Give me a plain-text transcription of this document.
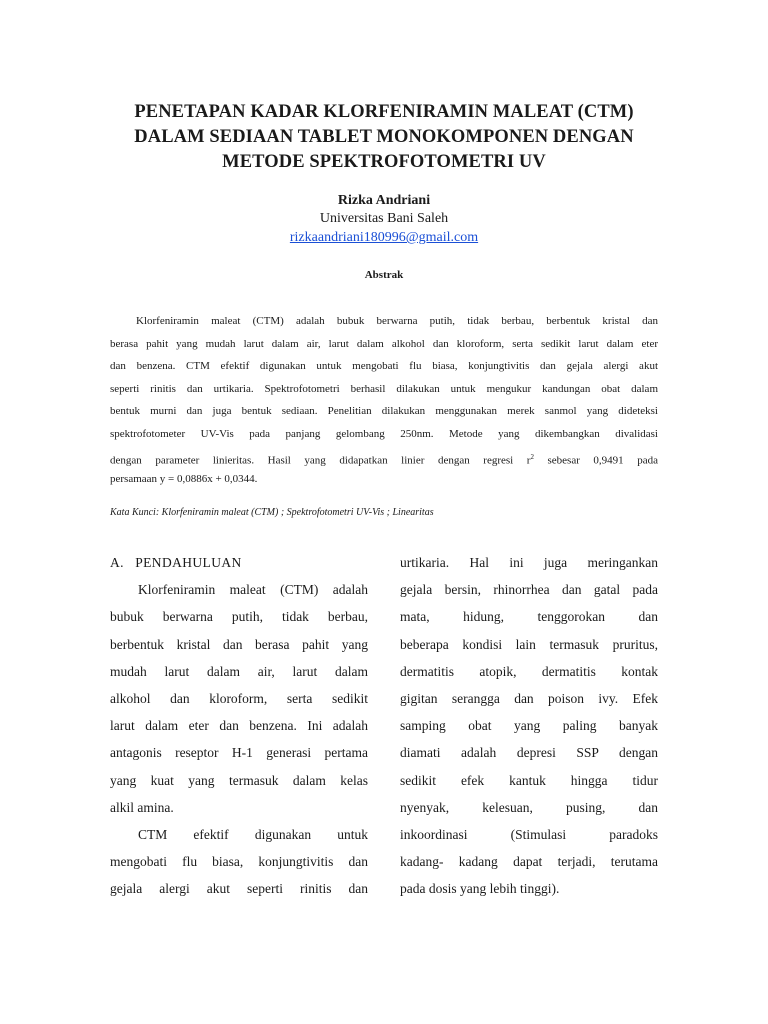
PENETAPAN KADAR KLORFENIRAMIN MALEAT (CTM)
DALAM SEDIAAN TABLET MONOKOMPONEN DENGAN
METODE SPEKTROFOTOMETRI UV
Rizka Andriani
Universitas Bani Saleh
rizkaandriani180996@gmail.com
Abstrak
Klorfeniramin maleat (CTM) adalah bubuk berwarna putih, tidak berbau, berbentuk kristal dan
berasa pahit yang mudah larut dalam air, larut dalam alkohol dan kloroform, serta sedikit larut dalam eter
dan benzena. CTM efektif digunakan untuk mengobati flu biasa, konjungtivitis dan gejala alergi akut
seperti rinitis dan urtikaria. Spektrofotometri berhasil dilakukan untuk mengukur kandungan obat dalam
bentuk murni dan juga bentuk sediaan. Penelitian dilakukan menggunakan merek sanmol yang dideteksi
spektrofotometer UV-Vis pada panjang gelombang 250nm. Metode yang dikembangkan divalidasi
dengan parameter linieritas. Hasil yang didapatkan linier dengan regresi $r^2$ sebesar 0,9491 pada
persamaan y = 0,0886x + 0,0344.
Kata Kunci: Klorfeniramin maleat (CTM) ; Spektrofotometri UV-Vis ; Linearitas
A.   PENDAHULUAN
Klorfeniramin maleat (CTM) adalah
bubuk berwarna putih, tidak berbau,
berbentuk kristal dan berasa pahit yang
mudah larut dalam air, larut dalam
alkohol dan kloroform, serta sedikit
larut dalam eter dan benzena. Ini adalah
antagonis reseptor H-1 generasi pertama
yang kuat yang termasuk dalam kelas
alkil amina.
CTM efektif digunakan untuk
mengobati flu biasa, konjungtivitis dan
gejala alergi akut seperti rinitis dan
urtikaria. Hal ini juga meringankan
gejala bersin, rhinorrhea dan gatal pada
mata, hidung, tenggorokan dan
beberapa kondisi lain termasuk pruritus,
dermatitis atopik, dermatitis kontak
gigitan serangga dan poison ivy. Efek
samping obat yang paling banyak
diamati adalah depresi SSP dengan
sedikit efek kantuk hingga tidur
nyenyak, kelesuan, pusing, dan
inkoordinasi (Stimulasi paradoks
kadang- kadang dapat terjadi, terutama
pada dosis yang lebih tinggi).
